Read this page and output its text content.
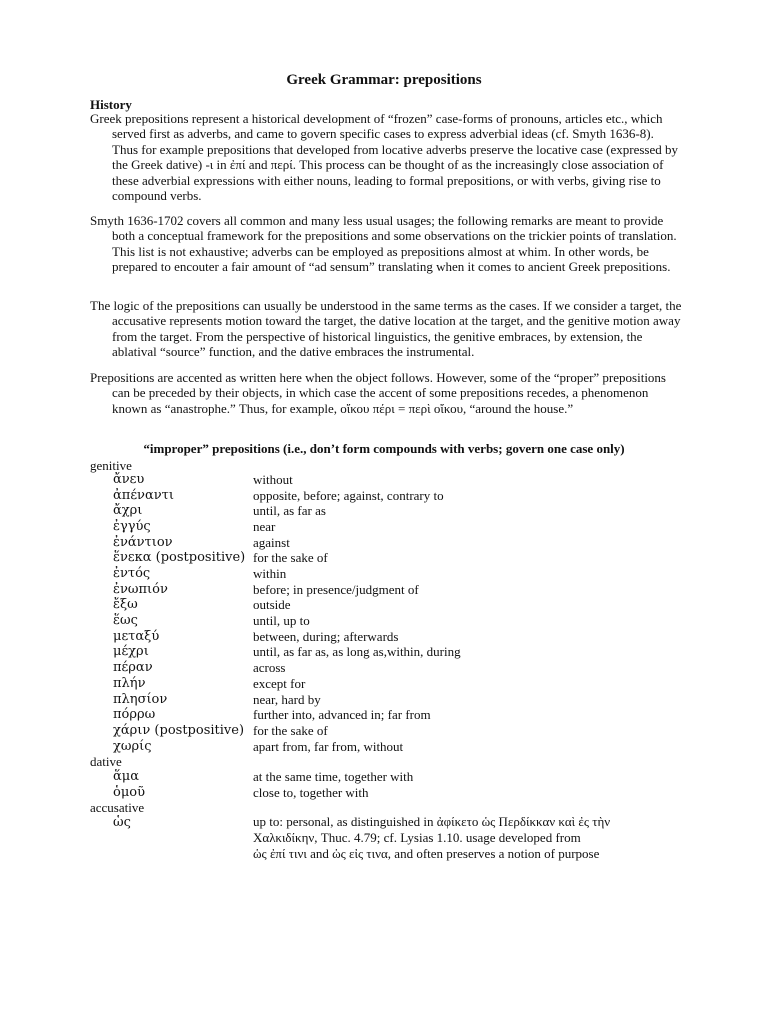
Greek Grammar: prepositions
History

Greek prepositions represent a historical development of “frozen” case-forms of pronouns, articles etc., which served first as adverbs, and came to govern specific cases to express adverbial ideas (cf. Smyth 1636-8). Thus for example prepositions that developed from locative adverbs preserve the locative case (expressed by the Greek dative) -ι in ἐπί and περί. This process can be thought of as the increasingly close association of these adverbial expressions with either nouns, leading to formal prepositions, or with verbs, giving rise to compound verbs.

Smyth 1636-1702 covers all common and many less usual usages; the following remarks are meant to provide both a conceptual framework for the prepositions and some observations on the trickier points of translation. This list is not exhaustive; adverbs can be employed as prepositions almost at whim. In other words, be prepared to encouter a fair amount of “ad sensum” translating when it comes to ancient Greek prepositions.

The logic of the prepositions can usually be understood in the same terms as the cases. If we consider a target, the accusative represents motion toward the target, the dative location at the target, and the genitive motion away from the target. From the perspective of historical linguistics, the genitive embraces, by extension, the ablatival “source” function, and the dative embraces the instrumental.

Prepositions are accented as written here when the object follows. However, some of the “proper” prepositions can be preceded by their objects, in which case the accent of some prepositions recedes, a phenomenon known as “anastrophe.” Thus, for example, οἴκου πέρι = περὶ οἴκου, “around the house.”

“improper” prepositions (i.e., don’t form compounds with verbs; govern one case only)
genitive
ἄνευ	without
ἀπέναντι	opposite, before; against, contrary to
ἄχρι	until, as far as
ἐγγύς	near
ἐνάντιον	against
ἕνεκα (postpositive) for the sake of
ἐντός	within
ἐνωπιόν	before; in presence/judgment of
ἔξω	outside
ἕως	until, up to
μεταξύ	between, during; afterwards
μέχρι	until, as far as, as long as,within, during
πέραν	across
πλήν	except for
πλησίον	near, hard by
πόρρω	further into, advanced in; far from
χάριν (postpositive) for the sake of
χωρίς	apart from, far from, without
dative
ἅμα	at the same time, together with
ὁμοῦ	close to, together with
accusative
ὡς	up to: personal, as distinguished in ἀφίκετο ὡς Περδίκκαν καὶ ἐς τὴν
Χαλκιδίκην, Thuc. 4.79; cf. Lysias 1.10. usage developed from
ὡς ἐπί τινι and ὡς εἰς τινα, and often preserves a notion of purpose
